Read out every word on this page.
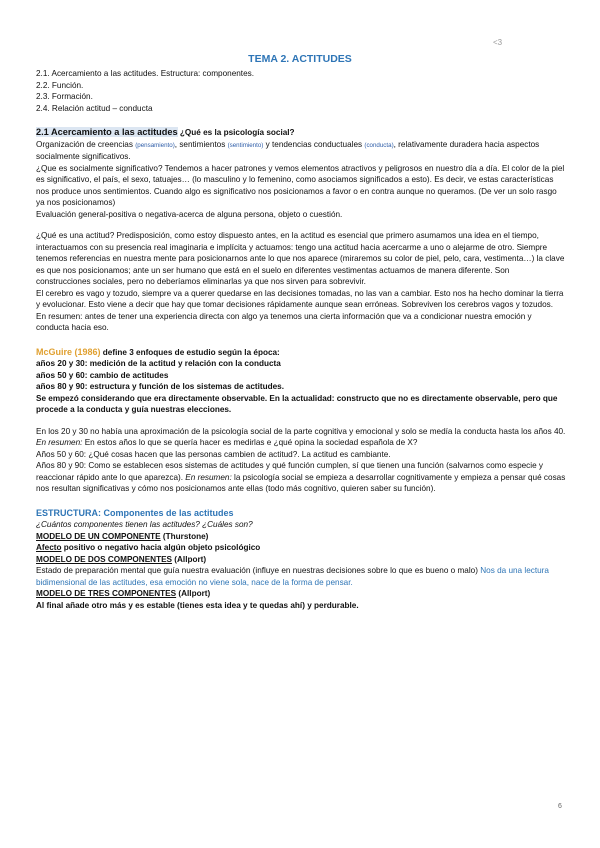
<3
TEMA 2. ACTITUDES

2.1. Acercamiento a las actitudes. Estructura: componentes.

2.2. Función.

2.3. Formación.

2.4. Relación actitud – conducta

2.1 Acercamiento a las actitudes ¿Qué es la psicología social?

Organización de creencias (pensamiento), sentimientos (sentimiento) y tendencias conductuales (conducta), relativamente duradera hacia aspectos socialmente significativos.

¿Que es socialmente significativo? Tendemos a hacer patrones y vemos elementos atractivos y peligrosos en nuestro día a día. El color de la piel es significativo, el país, el sexo, tatuajes… (lo masculino y lo femenino, como asociamos significados a esto). Es decir, ve estas características nos produce unos sentimientos. Cuando algo es significativo nos posicionamos a favor o en contra aunque no queramos. (De ver un solo rasgo ya nos posicionamos)

Evaluación general-positiva o negativa-acerca de alguna persona, objeto o cuestión.

¿Qué es una actitud? Predisposición, como estoy dispuesto antes, en la actitud es esencial que primero asumamos una idea en el tiempo, interactuamos con su presencia real imaginaria e implícita y actuamos: tengo una actitud hacia acercarme a uno o alejarme de otro. Siempre tenemos referencias en nuestra mente para posicionarnos ante lo que nos aparece (miraremos su color de piel, pelo, cara, vestimenta…) la clave es que nos posicionamos; ante un ser humano que está en el suelo en diferentes vestimentas actuamos de manera diferente. Son construcciones sociales, pero no deberíamos eliminarlas ya que nos sirven para sobrevivir.

El cerebro es vago y tozudo, siempre va a querer quedarse en las decisiones tomadas, no las van a cambiar. Esto nos ha hecho dominar la tierra y evolucionar. Esto viene a decir que hay que tomar decisiones rápidamente aunque sean erróneas. Sobreviven los cerebros vagos y tozudos.

En resumen: antes de tener una experiencia directa con algo ya tenemos una cierta información que va a condicionar nuestra emoción y conducta hacia eso.

McGuire (1986) define 3 enfoques de estudio según la época:

años 20 y 30: medición de la actitud y relación con la conducta

años 50 y 60: cambio de actitudes

años 80 y 90: estructura y función de los sistemas de actitudes.

Se empezó considerando que era directamente observable. En la actualidad: constructo que no es directamente observable, pero que procede a la conducta y guía nuestras elecciones.

En los 20 y 30 no había una aproximación de la psicología social de la parte cognitiva y emocional y solo se medía la conducta hasta los años 40. En resumen: En estos años lo que se quería hacer es medirlas e ¿qué opina la sociedad española de X?

Años 50 y 60: ¿Qué cosas hacen que las personas cambien de actitud?. La actitud es cambiante.

Años 80 y 90: Como se establecen esos sistemas de actitudes y qué función cumplen, sí que tienen una función (salvarnos como especie y reaccionar rápido ante lo que aparezca). En resumen: la psicología social se empieza a desarrollar cognitivamente y empieza a pensar qué cosas nos resultan significativas y cómo nos posicionamos ante ellas (todo más cognitivo, quieren saber su función).

ESTRUCTURA: Componentes de las actitudes

¿Cuántos componentes tienen las actitudes? ¿Cuáles son?

MODELO DE UN COMPONENTE (Thurstone)

Afecto positivo o negativo hacia algún objeto psicológico

MODELO DE DOS COMPONENTES (Allport)

Estado de preparación mental que guía nuestra evaluación (influye en nuestras decisiones sobre lo que es bueno o malo) Nos da una lectura bidimensional de las actitudes, esa emoción no viene sola, nace de la forma de pensar.

MODELO DE TRES COMPONENTES (Allport)

Al final añade otro más y es estable (tienes esta idea y te quedas ahí) y perdurable.

6
